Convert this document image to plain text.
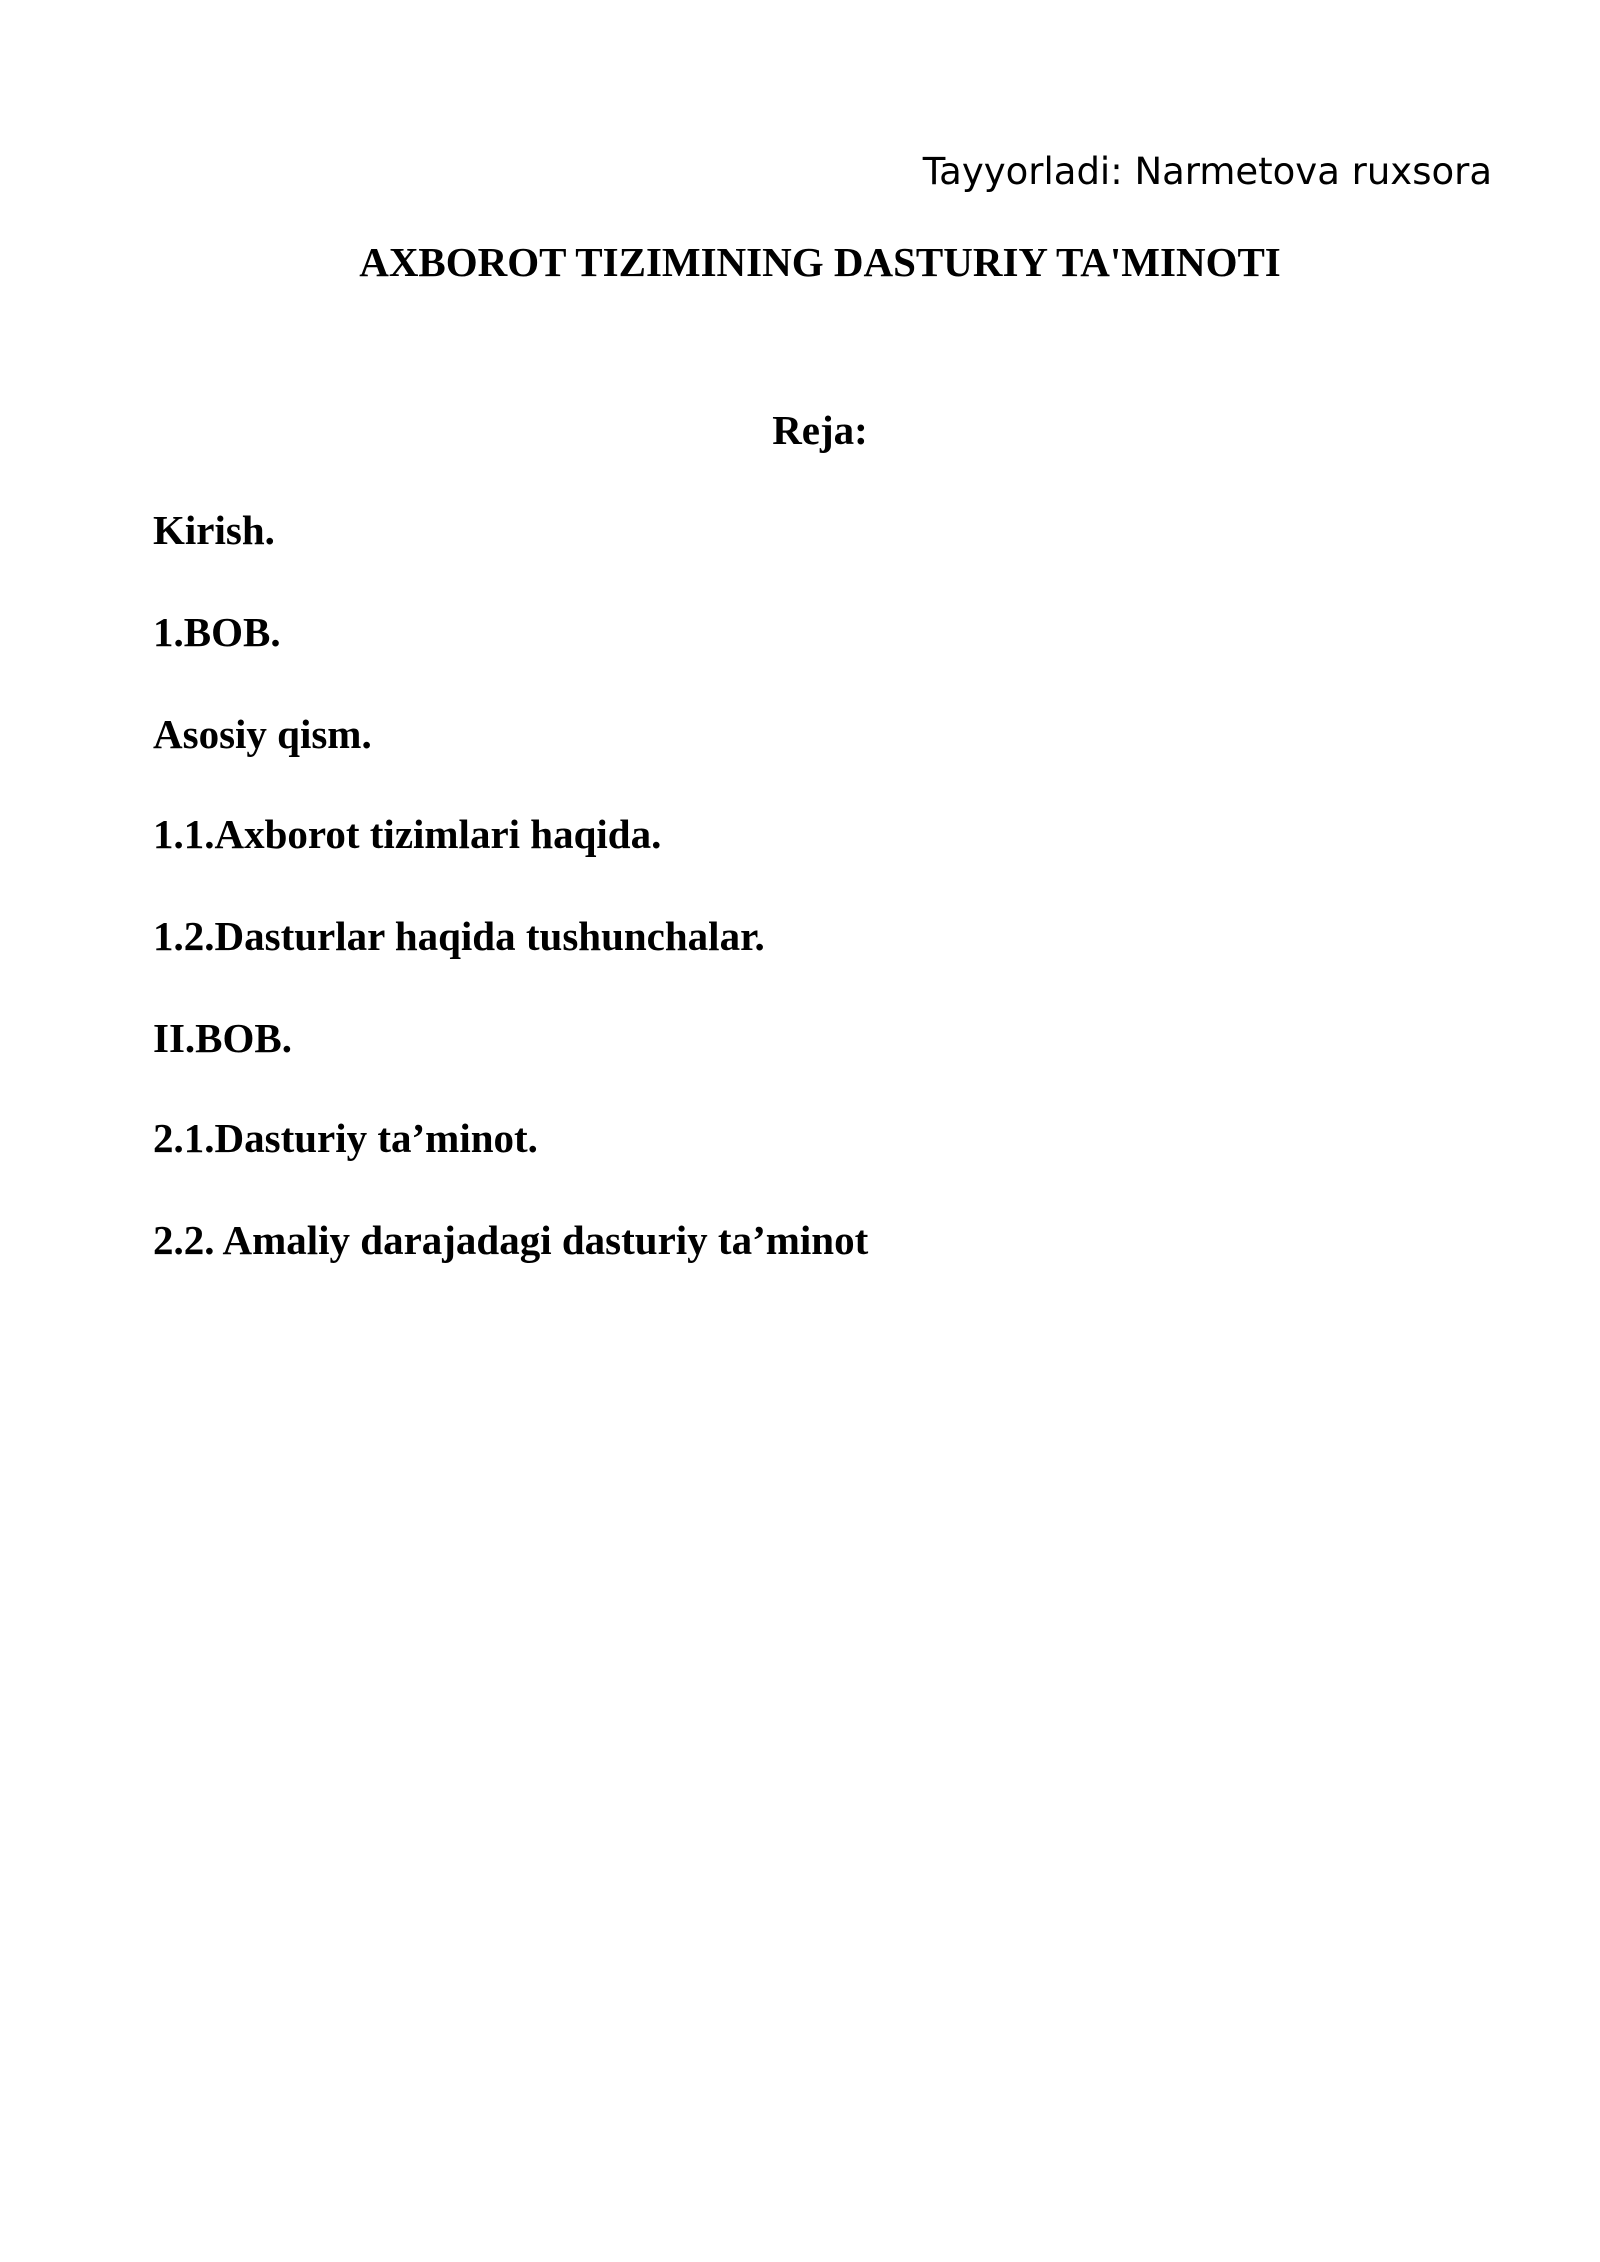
Tayyorladi: Narmetova ruxsora
AXBOROT TIZIMINING DASTURIY TA'MINOTI
Reja:
Kirish.
1.BOB.
Asosiy qism.
1.1.Axborot tizimlari haqida.
1.2.Dasturlar haqida tushunchalar.
II.BOB.
2.1.Dasturiy ta’minot.
2.2. Amaliy darajadagi dasturiy ta’minot
